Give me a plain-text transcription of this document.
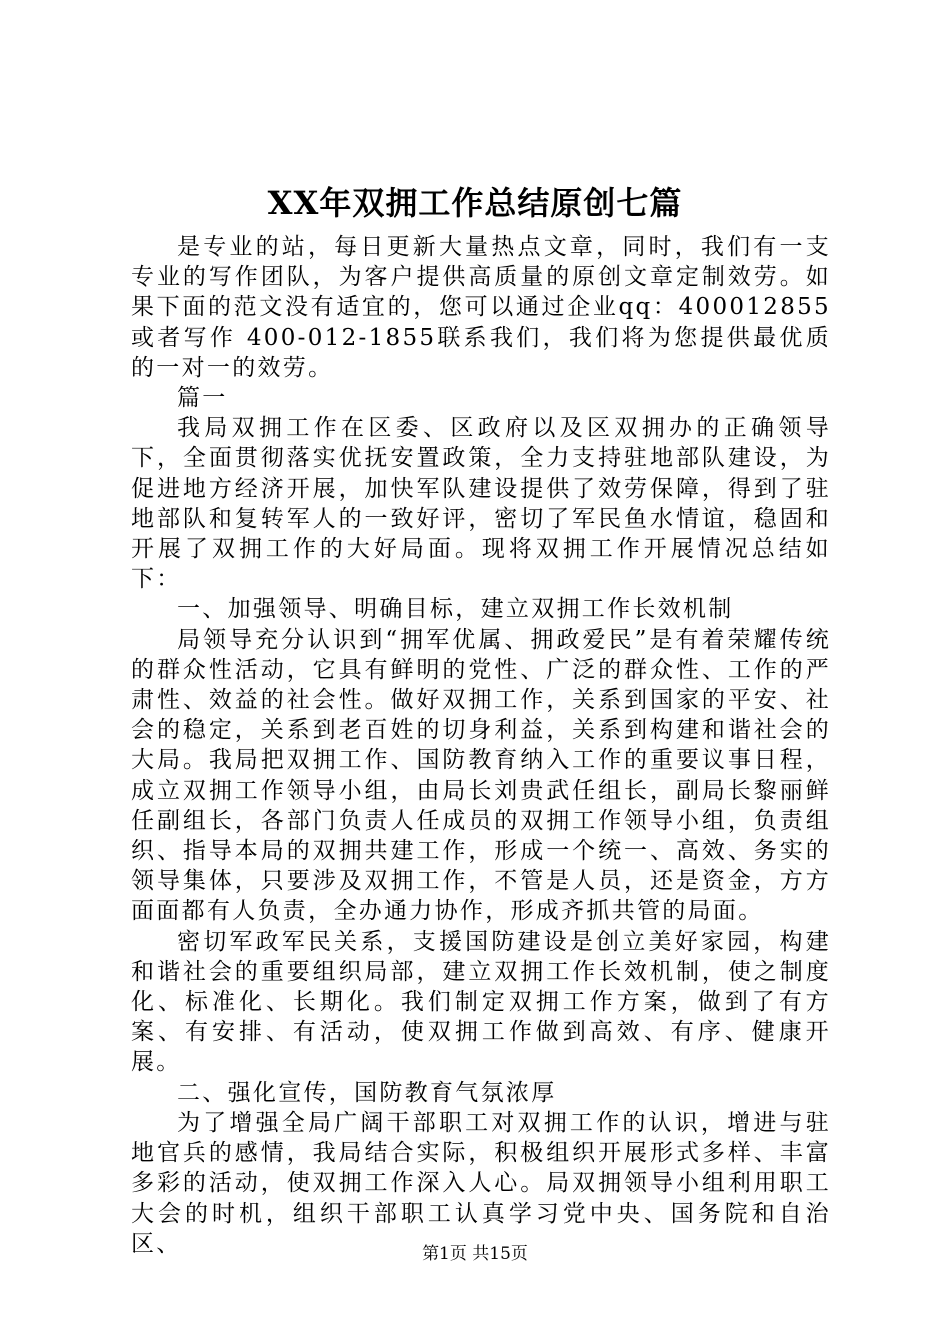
XX年双拥工作总结原创七篇

是专业的站，每日更新大量热点文章，同时，我们有一支专业的写作团队，为客户提供高质量的原创文章定制效劳。如果下面的范文没有适宜的，您可以通过企业qq：400012855或者写作 400-012-1855联系我们，我们将为您提供最优质的一对一的效劳。

篇一

我局双拥工作在区委、区政府以及区双拥办的正确领导下，全面贯彻落实优抚安置政策，全力支持驻地部队建设，为促进地方经济开展，加快军队建设提供了效劳保障，得到了驻地部队和复转军人的一致好评，密切了军民鱼水情谊，稳固和开展了双拥工作的大好局面。现将双拥工作开展情况总结如下：

一、加强领导、明确目标，建立双拥工作长效机制

局领导充分认识到“拥军优属、拥政爱民”是有着荣耀传统的群众性活动，它具有鲜明的党性、广泛的群众性、工作的严肃性、效益的社会性。做好双拥工作，关系到国家的平安、社会的稳定，关系到老百姓的切身利益，关系到构建和谐社会的大局。我局把双拥工作、国防教育纳入工作的重要议事日程，成立双拥工作领导小组，由局长刘贵武任组长，副局长黎丽鲜任副组长，各部门负责人任成员的双拥工作领导小组，负责组织、指导本局的双拥共建工作，形成一个统一、高效、务实的领导集体，只要涉及双拥工作，不管是人员，还是资金，方方面面都有人负责，全办通力协作，形成齐抓共管的局面。

密切军政军民关系，支援国防建设是创立美好家园，构建和谐社会的重要组织局部，建立双拥工作长效机制，使之制度化、标准化、长期化。我们制定双拥工作方案，做到了有方案、有安排、有活动，使双拥工作做到高效、有序、健康开展。

二、强化宣传，国防教育气氛浓厚

为了增强全局广阔干部职工对双拥工作的认识，增进与驻地官兵的感情，我局结合实际，积极组织开展形式多样、丰富多彩的活动，使双拥工作深入人心。局双拥领导小组利用职工大会的时机，组织干部职工认真学习党中央、国务院和自治区、	第1页 共15页
